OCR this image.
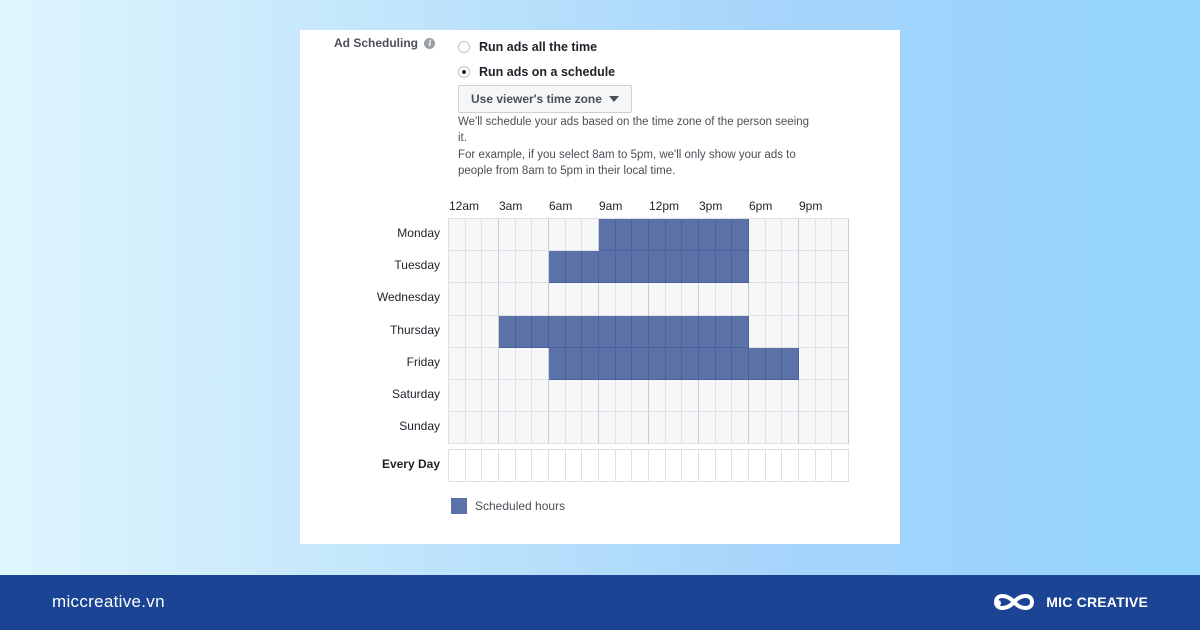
Ad Scheduling i	Run ads all the time
Run ads on a schedule
Use viewer's time zone
We'll schedule your ads based on the time zone of the person seeing
it.
For example, if you select 8am to 5pm, we'll only show your ads to
people from 8am to 5pm in their local time.
12am 3am 6am 9am 12pm 3pm 6pm 9pm
Monday
Tuesday
Wednesday
Thursday
Friday
Saturday
Sunday
Every Day
Scheduled hours
miccreative.vn	MIC CREATIVE
